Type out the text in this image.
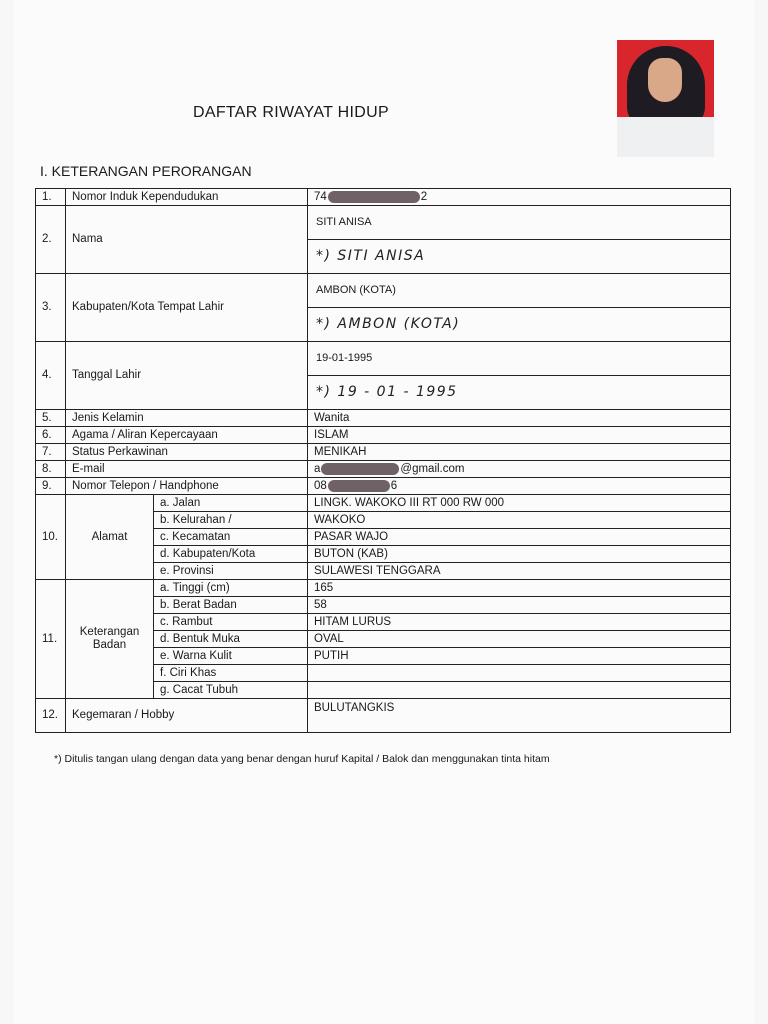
DAFTAR RIWAYAT HIDUP
I. KETERANGAN PERORANGAN
1.	Nomor Induk Kependudukan		74 2
2.	Nama		SITI ANISA
*) SITI ANISA

3.	Kabupaten/Kota Tempat Lahir		AMBON (KOTA)
*) AMBON (KOTA)

4.	Tanggal Lahir		19-01-1995
*) 19 - 01 - 1995

5.	Jenis Kelamin		Wanita
6.	Agama / Aliran Kepercayaan		ISLAM
7.	Status Perkawinan		MENIKAH
8.	E-mail		a @gmail.com
9.	Nomor Telepon / Handphone		08 6
10.	Alamat	a. Jalan	LINGK. WAKOKO III RT 000 RW 000
		b. Kelurahan /	WAKOKO
		c. Kecamatan	PASAR WAJO
		d. Kabupaten/Kota	BUTON (KAB)
		e. Provinsi	SULAWESI TENGGARA
11.	Keterangan
Badan	a. Tinggi (cm)	165
		b. Berat Badan	58
		c. Rambut	HITAM LURUS
		d. Bentuk Muka	OVAL
		e. Warna Kulit	PUTIH
		f. Ciri Khas	
		g. Cacat Tubuh	
12.	Kegemaran / Hobby		BULUTANGKIS
*) Ditulis tangan ulang dengan data yang benar dengan huruf Kapital / Balok dan menggunakan tinta hitam
